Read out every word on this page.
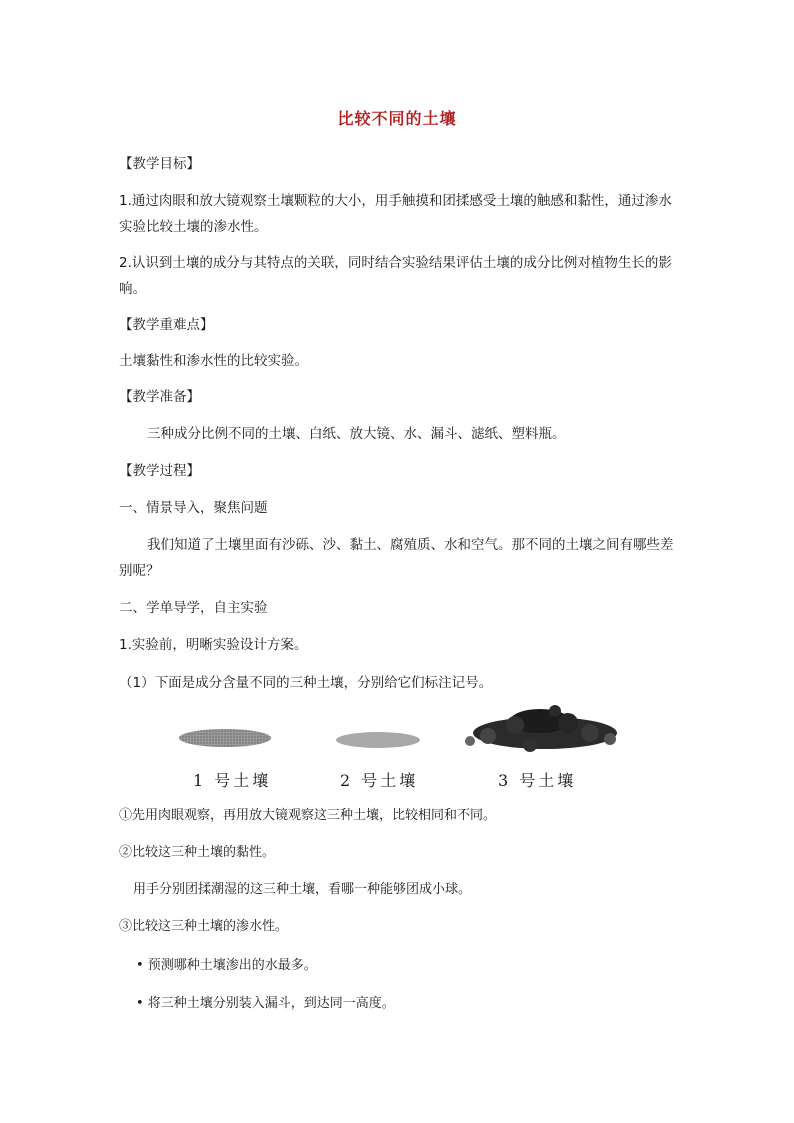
比较不同的土壤
【教学目标】
1.通过肉眼和放大镜观察土壤颗粒的大小，用手触摸和团揉感受土壤的触感和黏性，通过渗水实验比较土壤的渗水性。
2.认识到土壤的成分与其特点的关联，同时结合实验结果评估土壤的成分比例对植物生长的影响。
【教学重难点】
土壤黏性和渗水性的比较实验。
【教学准备】
三种成分比例不同的土壤、白纸、放大镜、水、漏斗、滤纸、塑料瓶。
【教学过程】
一、情景导入，聚焦问题
我们知道了土壤里面有沙砾、沙、黏土、腐殖质、水和空气。那不同的土壤之间有哪些差别呢？
二、学单导学，自主实验
1.实验前，明晰实验设计方案。
（1）下面是成分含量不同的三种土壤，分别给它们标注记号。
1 号土壤	2 号土壤	3 号土壤
①先用肉眼观察，再用放大镜观察这三种土壤，比较相同和不同。
②比较这三种土壤的黏性。
用手分别团揉潮湿的这三种土壤，看哪一种能够团成小球。
③比较这三种土壤的渗水性。
• 预测哪种土壤渗出的水最多。
• 将三种土壤分别装入漏斗，到达同一高度。
